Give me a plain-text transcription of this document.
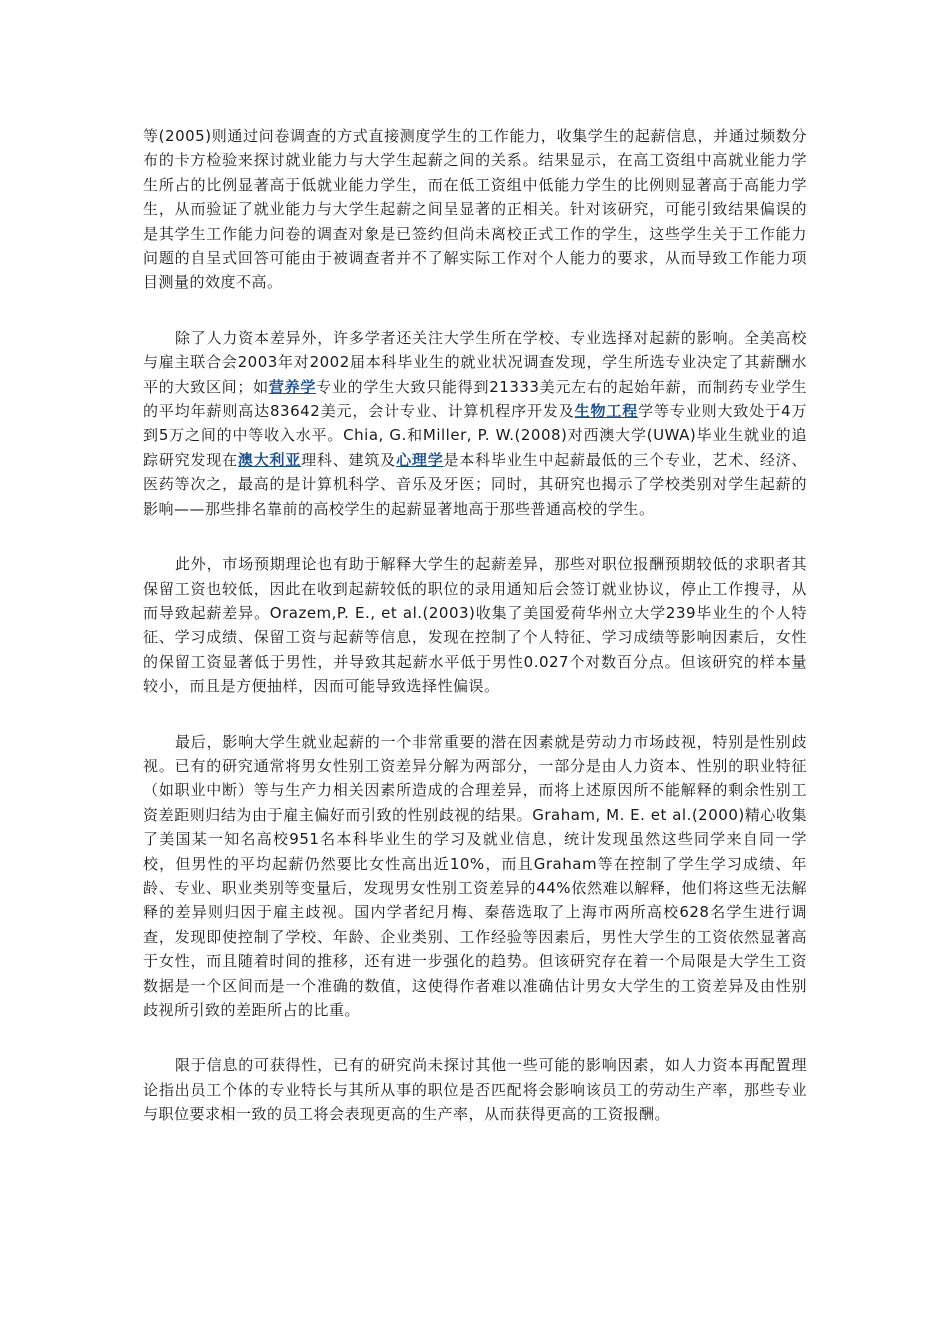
等(2005)则通过问卷调查的方式直接测度学生的工作能力，收集学生的起薪信息，并通过频数分布的卡方检验来探讨就业能力与大学生起薪之间的关系。结果显示，在高工资组中高就业能力学生所占的比例显著高于低就业能力学生，而在低工资组中低能力学生的比例则显著高于高能力学生，从而验证了就业能力与大学生起薪之间呈显著的正相关。针对该研究，可能引致结果偏误的是其学生工作能力问卷的调查对象是已签约但尚未离校正式工作的学生，这些学生关于工作能力问题的自呈式回答可能由于被调查者并不了解实际工作对个人能力的要求，从而导致工作能力项目测量的效度不高。

除了人力资本差异外，许多学者还关注大学生所在学校、专业选择对起薪的影响。全美高校与雇主联合会2003年对2002届本科毕业生的就业状况调查发现，学生所选专业决定了其薪酬水平的大致区间；如营养学专业的学生大致只能得到21333美元左右的起始年薪，而制药专业学生的平均年薪则高达83642美元，会计专业、计算机程序开发及生物工程学等专业则大致处于4万到5万之间的中等收入水平。Chia, G.和Miller, P. W.(2008)对西澳大学(UWA)毕业生就业的追踪研究发现在澳大利亚理科、建筑及心理学是本科毕业生中起薪最低的三个专业，艺术、经济、医药等次之，最高的是计算机科学、音乐及牙医；同时，其研究也揭示了学校类别对学生起薪的影响——那些排名靠前的高校学生的起薪显著地高于那些普通高校的学生。

此外，市场预期理论也有助于解释大学生的起薪差异，那些对职位报酬预期较低的求职者其保留工资也较低，因此在收到起薪较低的职位的录用通知后会签订就业协议，停止工作搜寻，从而导致起薪差异。Orazem,P. E., et al.(2003)收集了美国爱荷华州立大学239毕业生的个人特征、学习成绩、保留工资与起薪等信息，发现在控制了个人特征、学习成绩等影响因素后，女性的保留工资显著低于男性，并导致其起薪水平低于男性0.027个对数百分点。但该研究的样本量较小，而且是方便抽样，因而可能导致选择性偏误。

最后，影响大学生就业起薪的一个非常重要的潜在因素就是劳动力市场歧视，特别是性别歧视。已有的研究通常将男女性别工资差异分解为两部分，一部分是由人力资本、性别的职业特征（如职业中断）等与生产力相关因素所造成的合理差异，而将上述原因所不能解释的剩余性别工资差距则归结为由于雇主偏好而引致的性别歧视的结果。Graham, M. E. et al.(2000)精心收集了美国某一知名高校951名本科毕业生的学习及就业信息，统计发现虽然这些同学来自同一学校，但男性的平均起薪仍然要比女性高出近10%，而且Graham等在控制了学生学习成绩、年龄、专业、职业类别等变量后，发现男女性别工资差异的44%依然难以解释，他们将这些无法解释的差异则归因于雇主歧视。国内学者纪月梅、秦蓓选取了上海市两所高校628名学生进行调查，发现即使控制了学校、年龄、企业类别、工作经验等因素后，男性大学生的工资依然显著高于女性，而且随着时间的推移，还有进一步强化的趋势。但该研究存在着一个局限是大学生工资数据是一个区间而是一个准确的数值，这使得作者难以准确估计男女大学生的工资差异及由性别歧视所引致的差距所占的比重。

限于信息的可获得性，已有的研究尚未探讨其他一些可能的影响因素，如人力资本再配置理论指出员工个体的专业特长与其所从事的职位是否匹配将会影响该员工的劳动生产率，那些专业与职位要求相一致的员工将会表现更高的生产率，从而获得更高的工资报酬。
